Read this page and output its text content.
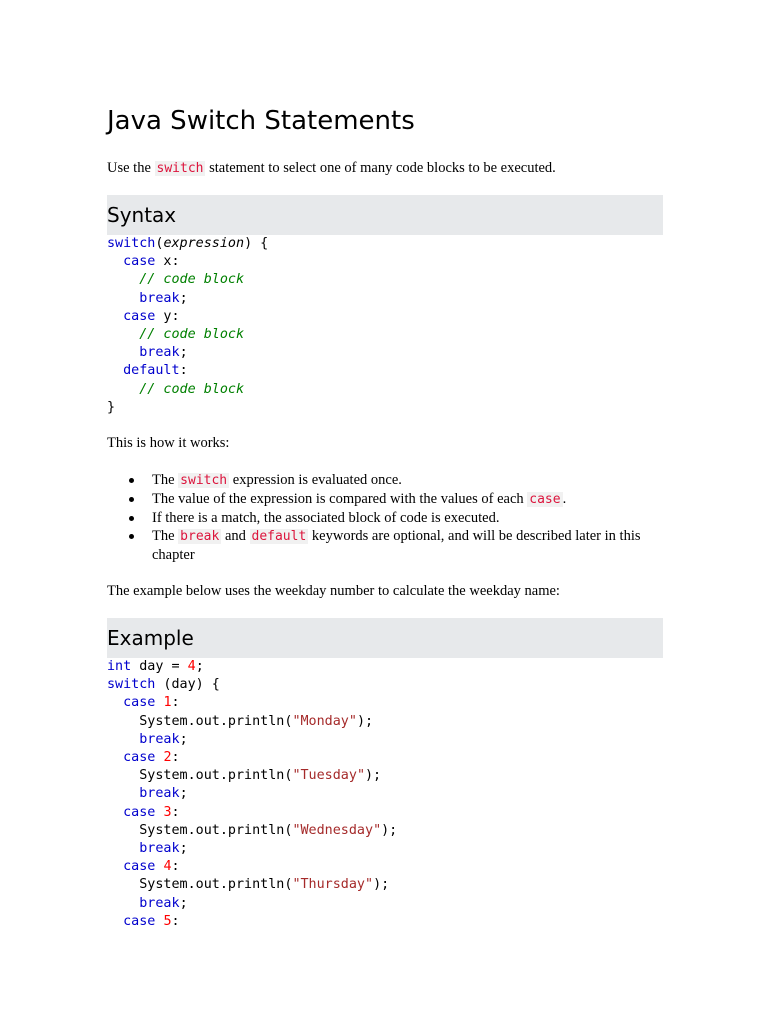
Java Switch Statements

Use the switch statement to select one of many code blocks to be executed.

Syntax
switch(expression) {
case x:
// code block
break;
case y:
// code block
break;
default:
// code block
}

This is how it works:

The switch expression is evaluated once.
The value of the expression is compared with the values of each case .
If there is a match, the associated block of code is executed.
The break and default keywords are optional, and will be described later in this chapter

The example below uses the weekday number to calculate the weekday name:

Example
int day = 4;
switch (day) {
case 1:
System.out.println("Monday");
break;
case 2:
System.out.println("Tuesday");
break;
case 3:
System.out.println("Wednesday");
break;
case 4:
System.out.println("Thursday");
break;
case 5:
